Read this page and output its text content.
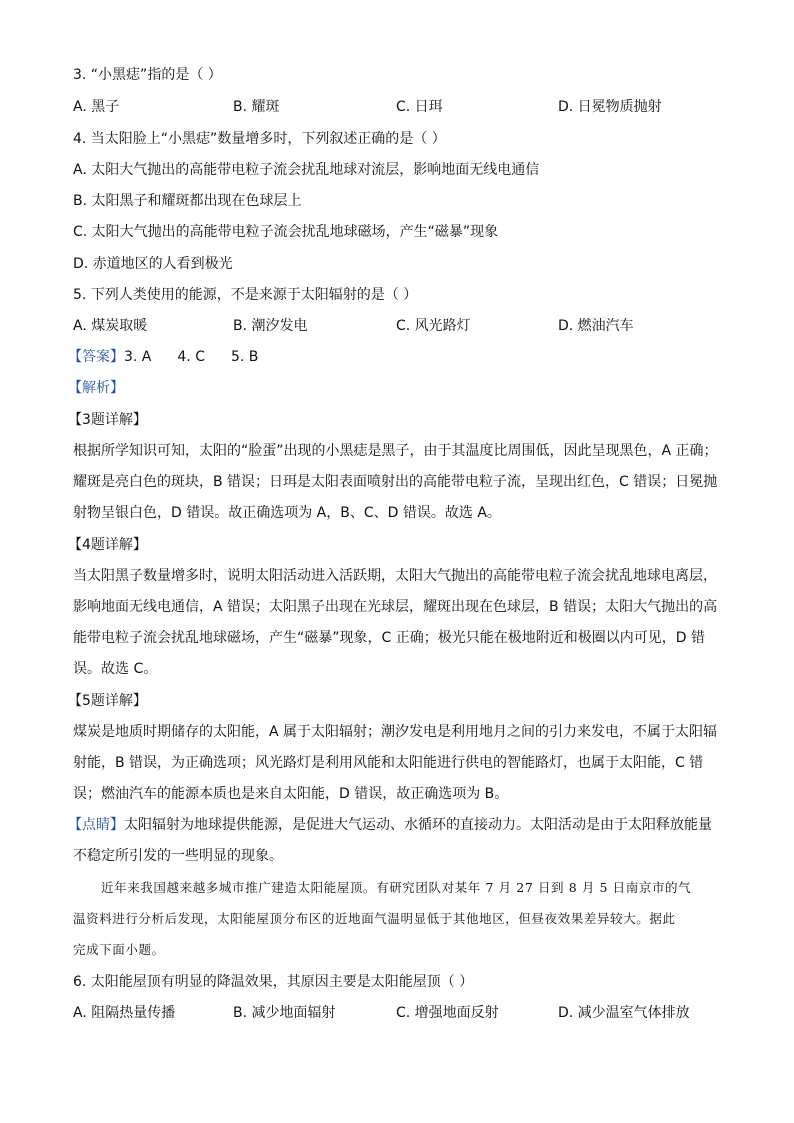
3. “小黑痣”指的是（ ）
A. 黑子	B. 耀斑	C. 日珥	D. 日冕物质抛射
4. 当太阳脸上“小黑痣”数量增多时，下列叙述正确的是（ ）
A. 太阳大气抛出的高能带电粒子流会扰乱地球对流层，影响地面无线电通信
B. 太阳黑子和耀斑都出现在色球层上
C. 太阳大气抛出的高能带电粒子流会扰乱地球磁场，产生“磁暴”现象
D. 赤道地区的人看到极光
5. 下列人类使用的能源，不是来源于太阳辐射的是（ ）
A. 煤炭取暖	B. 潮汐发电	C. 风光路灯	D. 燃油汽车
【答案】3. A 4. C 5. B
【解析】
【3题详解】
根据所学知识可知，太阳的“脸蛋”出现的小黑痣是黑子，由于其温度比周围低，因此呈现黑色，A 正确；
耀斑是亮白色的斑块，B 错误；日珥是太阳表面喷射出的高能带电粒子流，呈现出红色，C 错误；日冕抛
射物呈银白色，D 错误。故正确选项为 A，B、C、D 错误。故选 A。
【4题详解】
当太阳黑子数量增多时，说明太阳活动进入活跃期，太阳大气抛出的高能带电粒子流会扰乱地球电离层，
影响地面无线电通信，A 错误；太阳黑子出现在光球层，耀斑出现在色球层，B 错误；太阳大气抛出的高
能带电粒子流会扰乱地球磁场，产生“磁暴”现象，C 正确；极光只能在极地附近和极圈以内可见，D 错
误。故选 C。
【5题详解】
煤炭是地质时期储存的太阳能，A 属于太阳辐射；潮汐发电是利用地月之间的引力来发电，不属于太阳辐
射能，B 错误，为正确选项；风光路灯是利用风能和太阳能进行供电的智能路灯，也属于太阳能，C 错
误；燃油汽车的能源本质也是来自太阳能，D 错误，故正确选项为 B。
【点睛】太阳辐射为地球提供能源，是促进大气运动、水循环的直接动力。太阳活动是由于太阳释放能量
不稳定所引发的一些明显的现象。
近年来我国越来越多城市推广建造太阳能屋顶。有研究团队对某年 7 月 27 日到 8 月 5 日南京市的气
温资料进行分析后发现，太阳能屋顶分布区的近地面气温明显低于其他地区，但昼夜效果差异较大。据此
完成下面小题。
6. 太阳能屋顶有明显的降温效果，其原因主要是太阳能屋顶（ ）
A. 阻隔热量传播	B. 减少地面辐射	C. 增强地面反射	D. 减少温室气体排放
